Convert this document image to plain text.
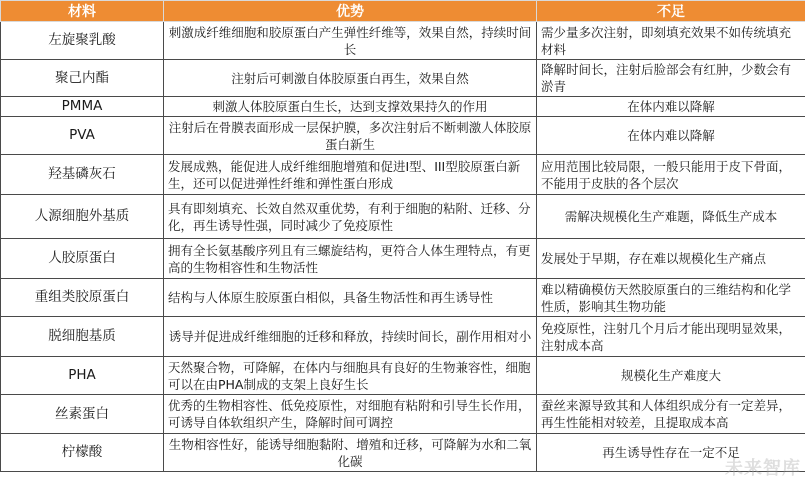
材料	优势	不足
左旋聚乳酸	刺激成纤维细胞和胶原蛋白产生弹性纤维等，效果自然，持续时间长	需少量多次注射，即刻填充效果不如传统填充材料
聚己内酯	注射后可刺激自体胶原蛋白再生，效果自然	降解时间长，注射后脸部会有红肿，少数会有淤青
PMMA	刺激人体胶原蛋白生长，达到支撑效果持久的作用	在体内难以降解
PVA	注射后在骨膜表面形成一层保护膜，多次注射后不断刺激人体胶原蛋白新生	在体内难以降解
羟基磷灰石	发展成熟，能促进人成纤维细胞增殖和促进I型、III型胶原蛋白新生，还可以促进弹性纤维和弹性蛋白形成	应用范围比较局限，一般只能用于皮下骨面，不能用于皮肤的各个层次
人源细胞外基质	具有即刻填充、长效自然双重优势，有利于细胞的粘附、迁移、分化，再生诱导性强，同时减少了免疫原性	需解决规模化生产难题，降低生产成本
人胶原蛋白	拥有全长氨基酸序列且有三螺旋结构，更符合人体生理特点，有更高的生物相容性和生物活性	发展处于早期，存在难以规模化生产痛点
重组类胶原蛋白	结构与人体原生胶原蛋白相似，具备生物活性和再生诱导性	难以精确模仿天然胶原蛋白的三维结构和化学性质，影响其生物功能
脱细胞基质	诱导并促进成纤维细胞的迁移和释放，持续时间长，副作用相对小	免疫原性，注射几个月后才能出现明显效果，注射成本高
PHA	天然聚合物，可降解，在体内与细胞具有良好的生物兼容性，细胞可以在由PHA制成的支架上良好生长	规模化生产难度大
丝素蛋白	优秀的生物相容性、低免疫原性，对细胞有粘附和引导生长作用，可诱导自体软组织产生，降解时间可调控	蚕丝来源导致其和人体组织成分有一定差异，再生性能相对较差，且提取成本高
柠檬酸	生物相容性好，能诱导细胞黏附、增殖和迁移，可降解为水和二氧化碳	再生诱导性存在一定不足
未来智库
